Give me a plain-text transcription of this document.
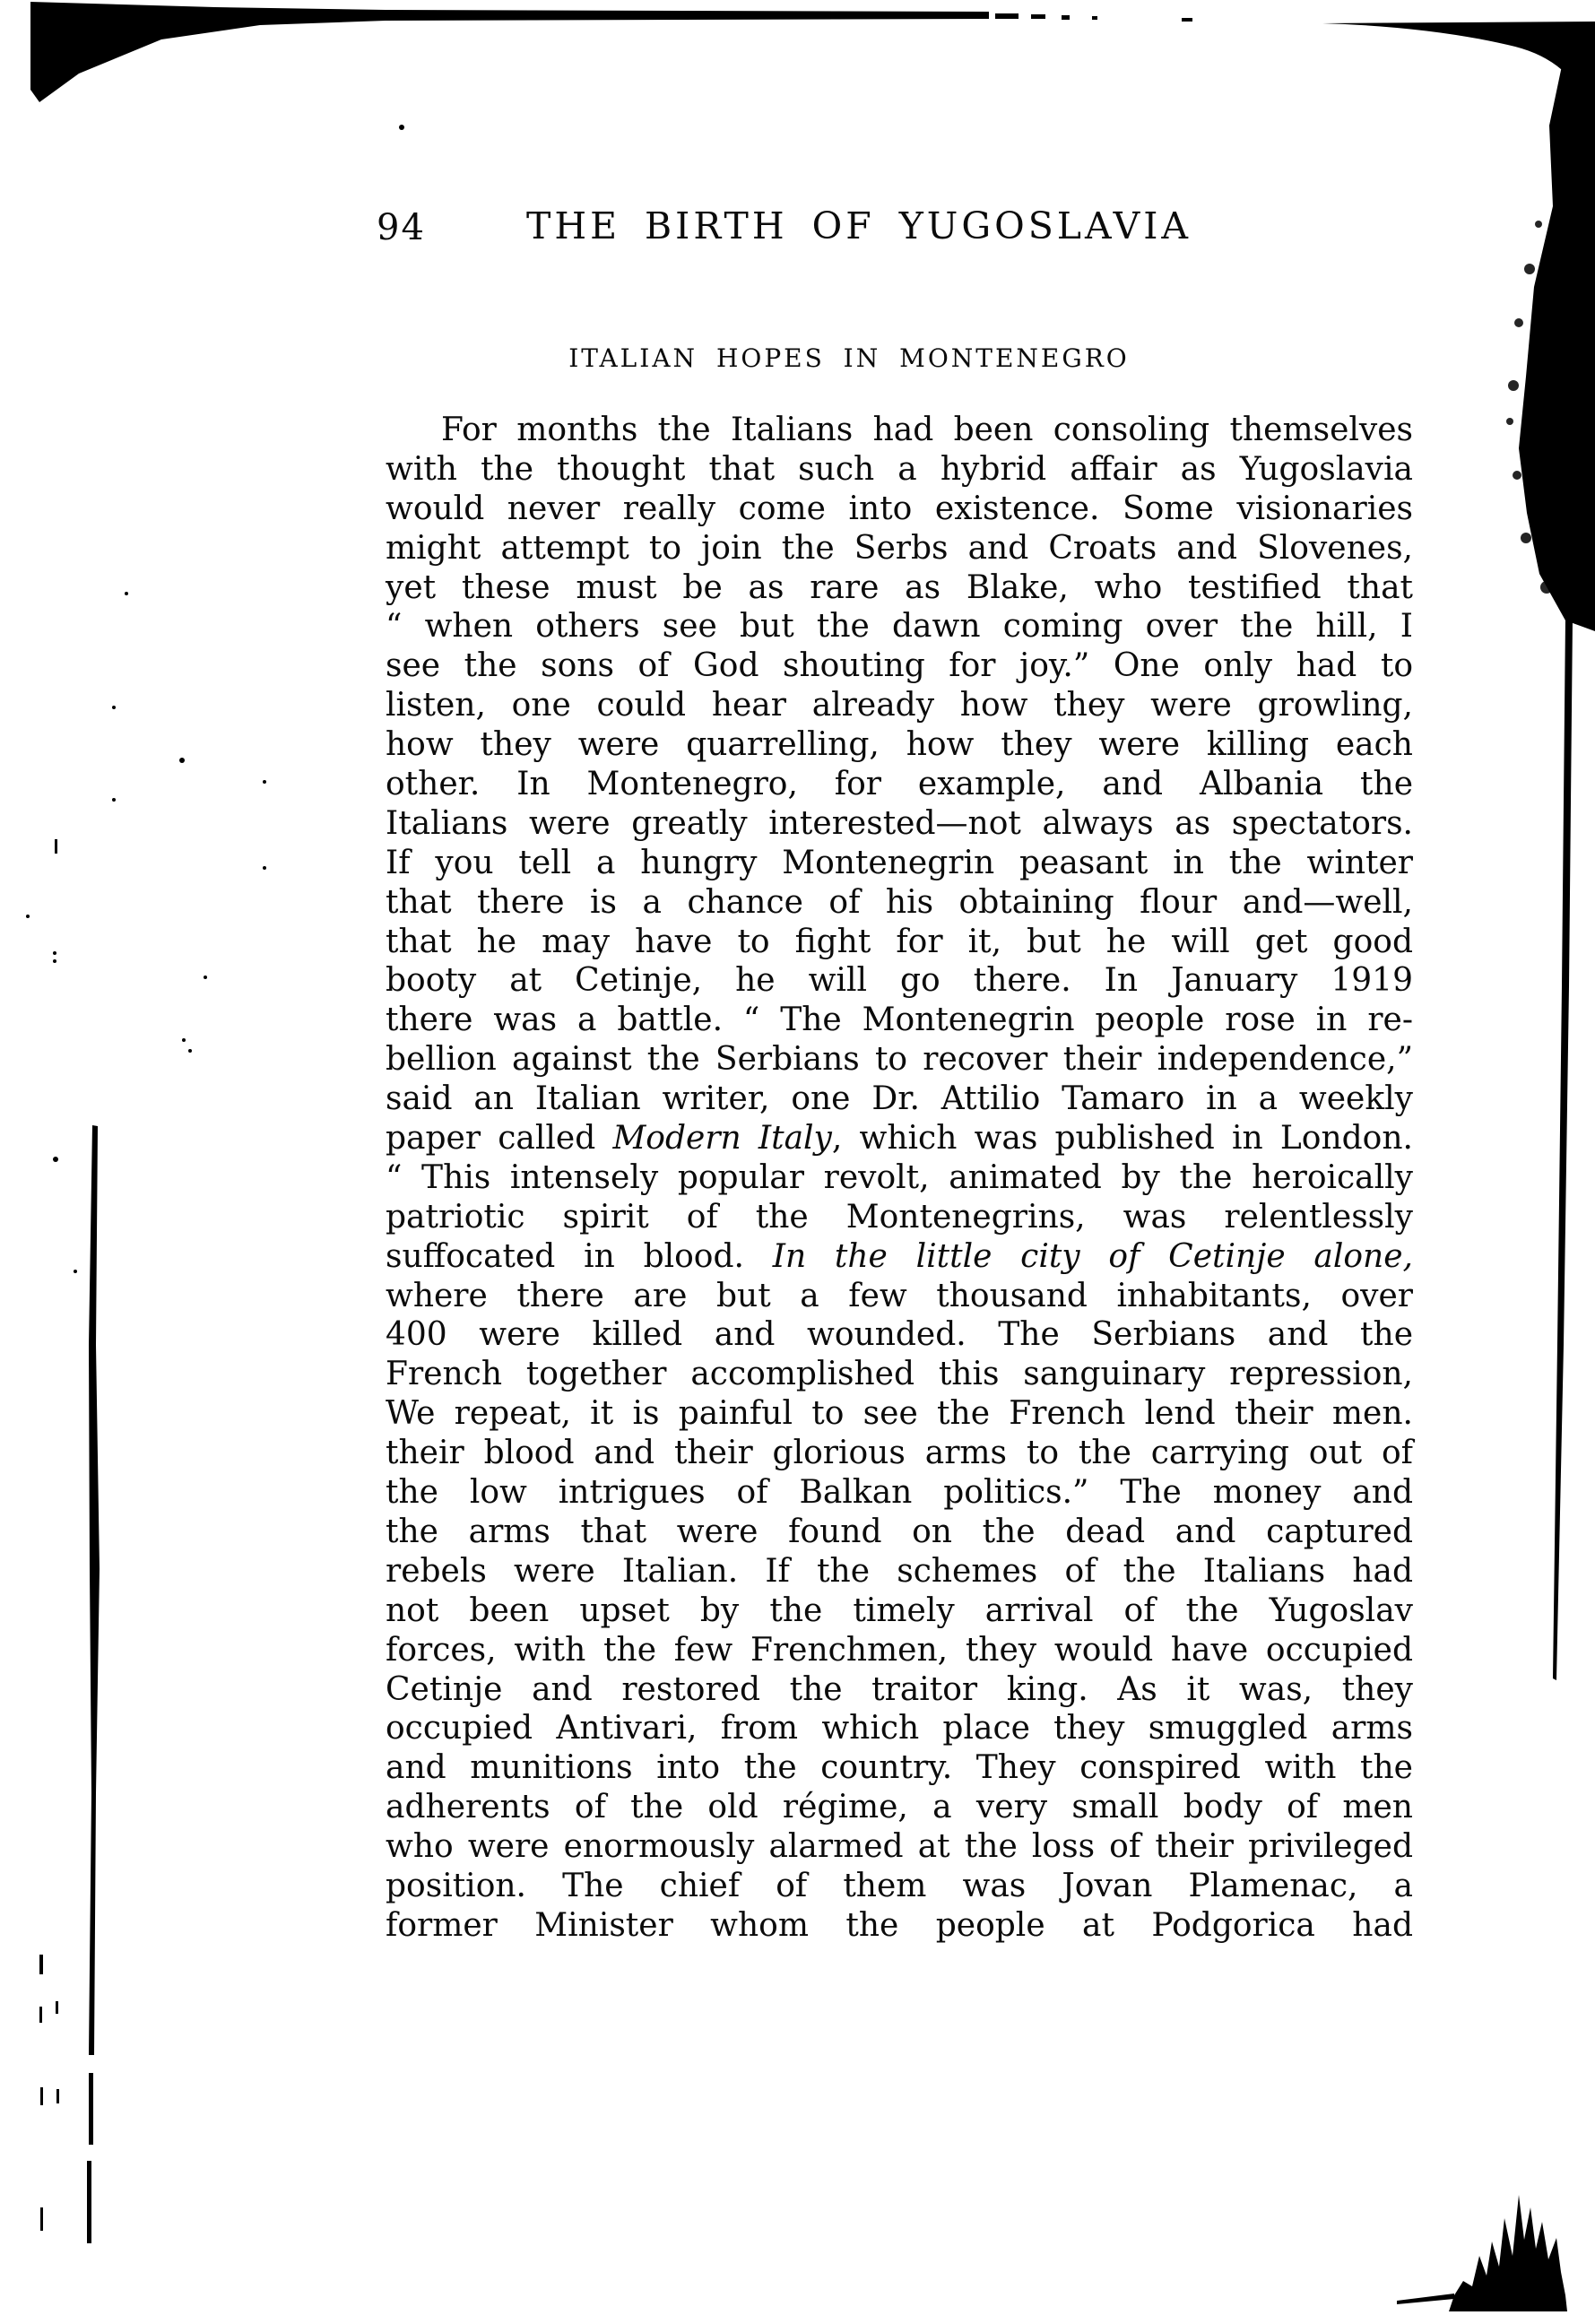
94	THE BIRTH OF YUGOSLAVIA
ITALIAN HOPES IN MONTENEGRO
For months the Italians had been consoling themselves
with the thought that such a hybrid affair as Yugoslavia
would never really come into existence. Some visionaries
might attempt to join the Serbs and Croats and Slovenes,
yet these must be as rare as Blake, who testified that
“ when others see but the dawn coming over the hill, I
see the sons of God shouting for joy.” One only had to
listen, one could hear already how they were growling,
how they were quarrelling, how they were killing each
other. In Montenegro, for example, and Albania the
Italians were greatly interested—not always as spectators.
If you tell a hungry Montenegrin peasant in the winter
that there is a chance of his obtaining flour and—well,
that he may have to fight for it, but he will get good
booty at Cetinje, he will go there. In January 1919
there was a battle. “ The Montenegrin people rose in re-
bellion against the Serbians to recover their independence,”
said an Italian writer, one Dr. Attilio Tamaro in a weekly
paper called Modern Italy, which was published in London.
“ This intensely popular revolt, animated by the heroically
patriotic spirit of the Montenegrins, was relentlessly
suffocated in blood. In the little city of Cetinje alone,
where there are but a few thousand inhabitants, over
400 were killed and wounded. The Serbians and the
French together accomplished this sanguinary repression,
We repeat, it is painful to see the French lend their men.
their blood and their glorious arms to the carrying out of
the low intrigues of Balkan politics.” The money and
the arms that were found on the dead and captured
rebels were Italian. If the schemes of the Italians had
not been upset by the timely arrival of the Yugoslav
forces, with the few Frenchmen, they would have occupied
Cetinje and restored the traitor king. As it was, they
occupied Antivari, from which place they smuggled arms
and munitions into the country. They conspired with the
adherents of the old régime, a very small body of men
who were enormously alarmed at the loss of their privileged
position. The chief of them was Jovan Plamenac, a
former Minister whom the people at Podgorica had
